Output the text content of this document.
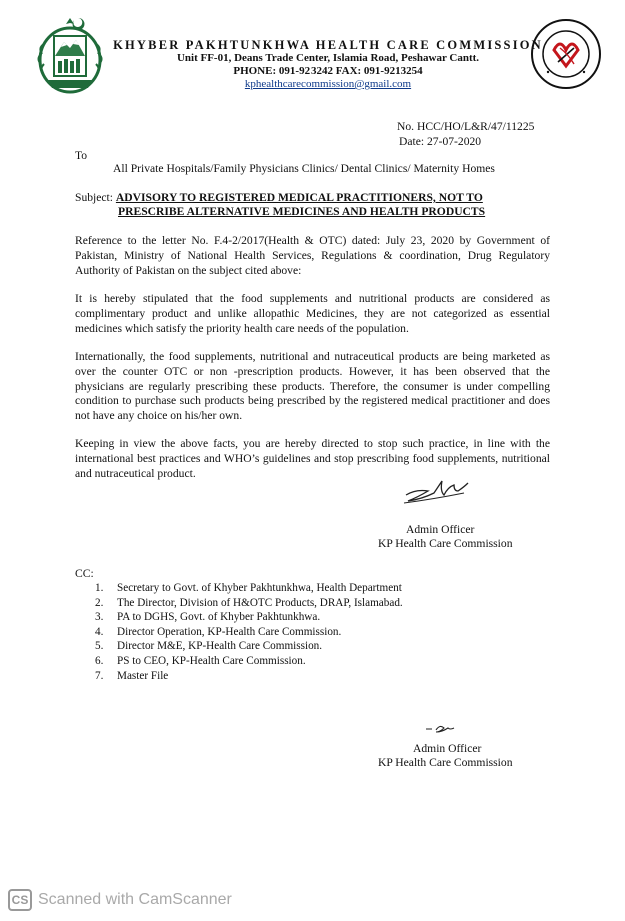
KHYBER PAKHTUNKHWA HEALTH CARE COMMISSION
Unit FF-01, Deans Trade Center, Islamia Road, Peshawar Cantt.
PHONE: 091-92 3242 FAX: 091-9213254
kphealthcarecommission@gmail.com
No. HCC/HO/L&R/47/11225
Date: 27-07-2020
To
All Private Hospitals/Family Physicians Clinics/ Dental Clinics/ Maternity Homes
Subject: ADVISORY TO REGISTERED MEDICAL PRACTITIONERS, NOT TO
PRESCRIBE ALTERNATIVE MEDICINES AND HEALTH PRODUCTS
Reference to the letter No. F.4-2/2017(Health & OTC) dated: July 23, 2020 by Government of Pakistan, Ministry of National Health Services, Regulations & coordination, Drug Regulatory Authority of Pakistan on the subject cited above:
It is hereby stipulated that the food supplements and nutritional products are considered as complimentary product and unlike allopathic Medicines, they are not categorized as essential medicines which satisfy the priority health care needs of the population.
Internationally, the food supplements, nutritional and nutraceutical products are being marketed as over the counter OTC or non -prescription products. However, it has been observed that the physicians are regularly prescribing these products. Therefore, the consumer is under compelling condition to purchase such products being prescribed by the registered medical practitioner and does not have any choice on his/her own.
Keeping in view the above facts, you are hereby directed to stop such practice, in line with the international best practices and WHO’s guidelines and stop prescribing food supplements, nutritional and nutraceutical product.
Admin Officer
KP Health Care Commission
CC:
1.	Secretary to Govt. of Khyber Pakhtunkhwa, Health Department
2.	The Director, Division of H&OTC Products, DRAP, Islamabad.
3.	PA to DGHS, Govt. of Khyber Pakhtunkhwa.
4.	Director Operation, KP-Health Care Commission.
5.	Director M&E, KP-Health Care Commission.
6.	PS to CEO, KP-Health Care Commission.
7.	Master File
Admin Officer
KP Health Care Commission
CS Scanned with CamScanner
